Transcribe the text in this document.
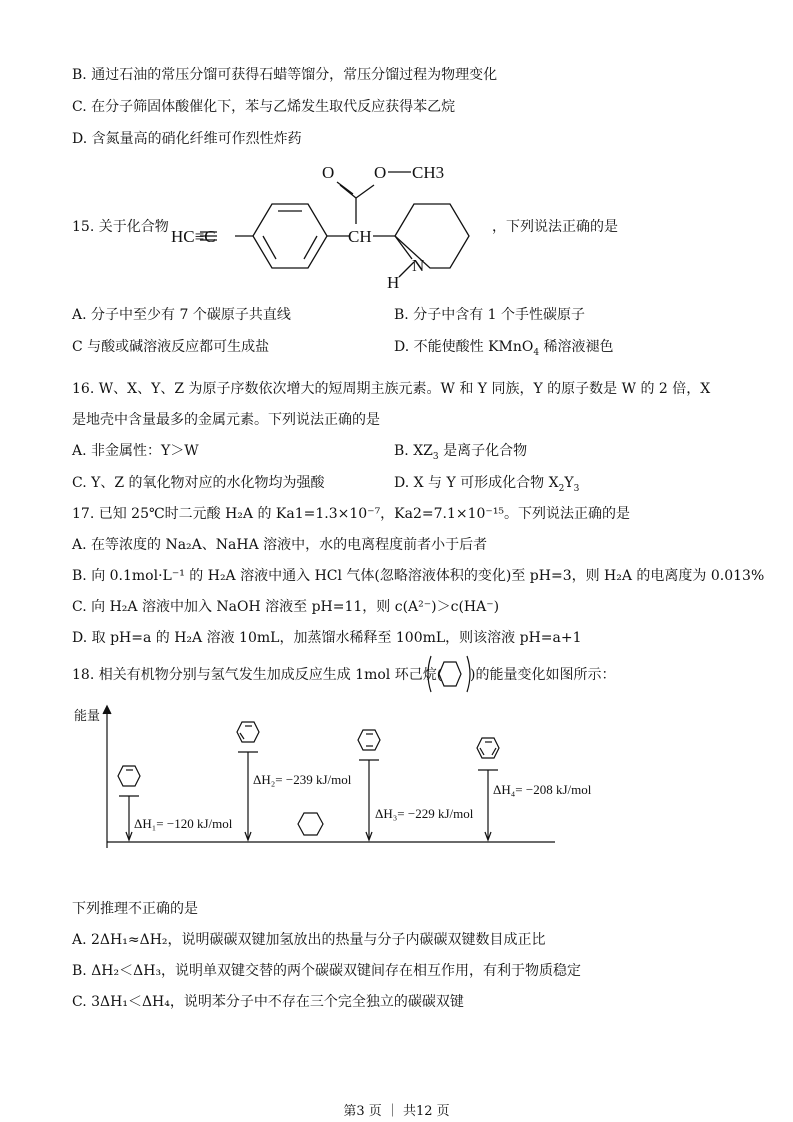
B. 通过石油的常压分馏可获得石蜡等馏分，常压分馏过程为物理变化
C. 在分子筛固体酸催化下，苯与乙烯发生取代反应获得苯乙烷
D. 含氮量高的硝化纤维可作烈性炸药
15. 关于化合物 HC≡C
O O CH3
CH
N
H
，下列说法正确的是
A. 分子中至少有 7 个碳原子共直线	B. 分子中含有 1 个手性碳原子
C 与酸或碱溶液反应都可生成盐	D. 不能使酸性 KMnO$_4$ 稀溶液褪色
16. W、X、Y、Z 为原子序数依次增大的短周期主族元素。W 和 Y 同族，Y 的原子数是 W 的 2 倍，X
是地壳中含量最多的金属元素。下列说法正确的是
A. 非金属性：Y＞W	B. $XZ_3$ 是离子化合物
C. Y、Z 的氧化物对应的水化物均为强酸	D. X 与 Y 可形成化合物 $X_2Y_3$
17. 已知 25℃时二元酸 H₂A 的 Ka1=1.3×10⁻⁷，Ka2=7.1×10⁻¹⁵。下列说法正确的是
A. 在等浓度的 Na₂A、NaHA 溶液中，水的电离程度前者小于后者
B. 向 0.1mol·L⁻¹ 的 H₂A 溶液中通入 HCl 气体(忽略溶液体积的变化)至 pH=3，则 H₂A 的电离度为 0.013%
C. 向 H₂A 溶液中加入 NaOH 溶液至 pH=11，则 c(A²⁻)＞c(HA⁻)
D. 取 pH=a 的 H₂A 溶液 10mL，加蒸馏水稀释至 100mL，则该溶液 pH=a+1
18. 相关有机物分别与氢气发生加成反应生成 1mol 环己烷( )的能量变化如图所示：
能量
ΔH₁= −120 kJ/mol
ΔH₂= −239 kJ/mol
ΔH₃= −229 kJ/mol
ΔH₄= −208 kJ/mol
下列推理不正确的是
A. 2ΔH₁≈ΔH₂，说明碳碳双键加氢放出的热量与分子内碳碳双键数目成正比
B. ΔH₂＜ΔH₃，说明单双键交替的两个碳碳双键间存在相互作用，有利于物质稳定
C. 3ΔH₁＜ΔH₄，说明苯分子中不存在三个完全独立的碳碳双键
第3 页 ｜ 共12 页
